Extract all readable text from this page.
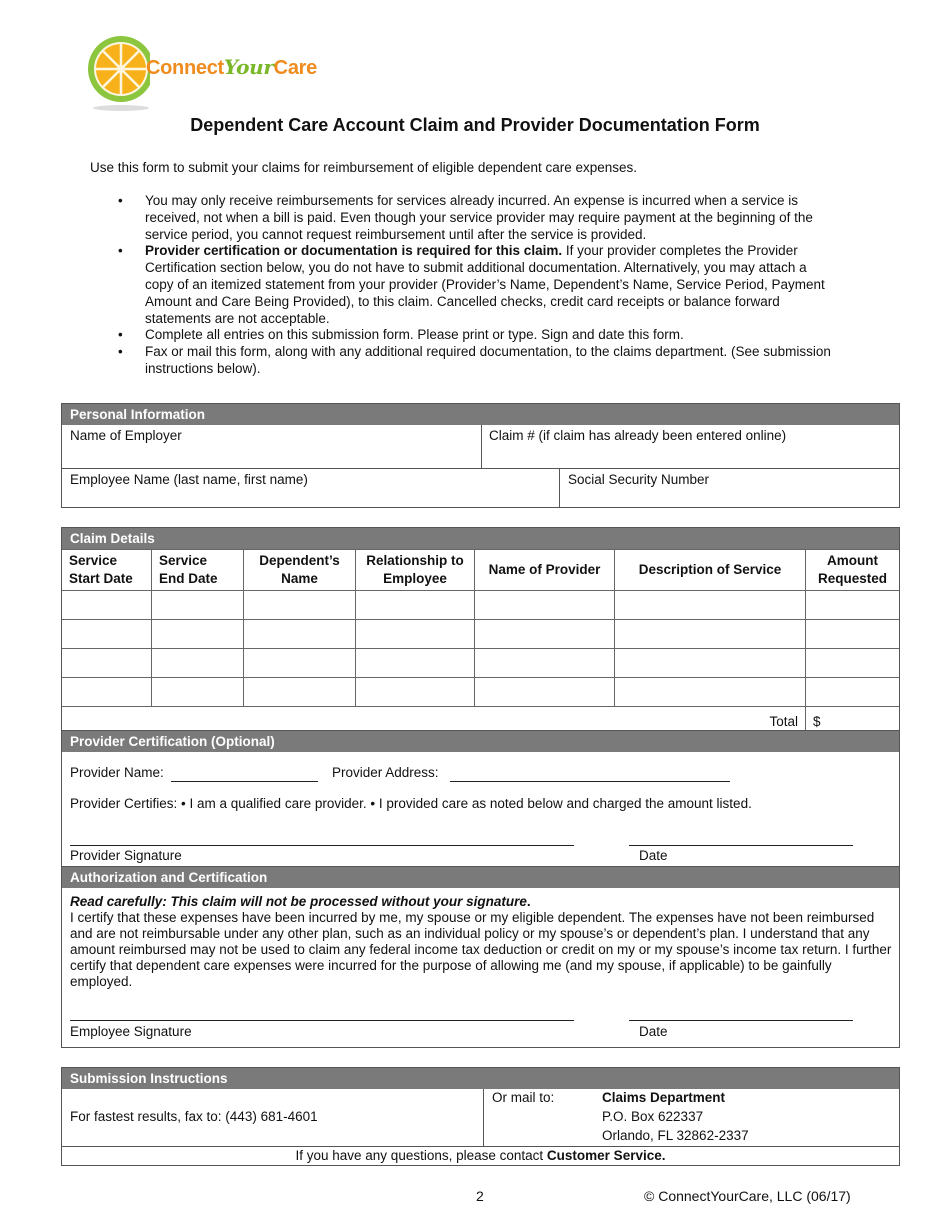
ConnectYourCare
Dependent Care Account Claim and Provider Documentation Form
Use this form to submit your claims for reimbursement of eligible dependent care expenses.
• You may only receive reimbursements for services already incurred. An expense is incurred when a service is received, not when a bill is paid. Even though your service provider may require payment at the beginning of the service period, you cannot request reimbursement until after the service is provided.
• Provider certification or documentation is required for this claim. If your provider completes the Provider Certification section below, you do not have to submit additional documentation. Alternatively, you may attach a copy of an itemized statement from your provider (Provider’s Name, Dependent’s Name, Service Period, Payment Amount and Care Being Provided), to this claim. Cancelled checks, credit card receipts or balance forward statements are not acceptable.
• Complete all entries on this submission form. Please print or type. Sign and date this form.
• Fax or mail this form, along with any additional required documentation, to the claims department. (See submission instructions below).
Personal Information
Name of Employer	Claim # (if claim has already been entered online)
Employee Name (last name, first name)	Social Security Number
Claim Details
Service Start Date	Service End Date	Dependent’s Name	Relationship to Employee	Name of Provider	Description of Service	Amount Requested

Total						$
Provider Certification (Optional)
Provider Name:	Provider Address:
Provider Certifies: • I am a qualified care provider. • I provided care as noted below and charged the amount listed.
Provider Signature	Date
Authorization and Certification
Read carefully: This claim will not be processed without your signature.
I certify that these expenses have been incurred by me, my spouse or my eligible dependent. The expenses have not been reimbursed and are not reimbursable under any other plan, such as an individual policy or my spouse’s or dependent’s plan. I understand that any amount reimbursed may not be used to claim any federal income tax deduction or credit on my or my spouse’s income tax return. I further certify that dependent care expenses were incurred for the purpose of allowing me (and my spouse, if applicable) to be gainfully employed.
Employee Signature	Date
Submission Instructions
For fastest results, fax to: (443) 681-4601
Or mail to:	Claims Department
P.O. Box 622337
Orlando, FL 32862-2337
If you have any questions, please contact Customer Service.
2	© ConnectYourCare, LLC (06/17)
